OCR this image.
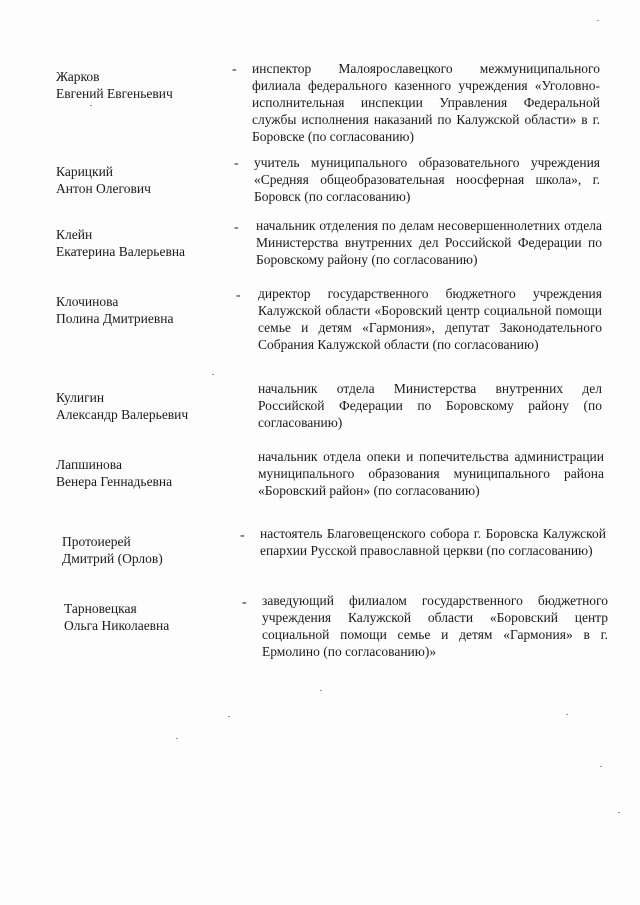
Жарков
Евгений Евгеньевич
- инспектор Малоярославецкого межмуниципального филиала федерального казенного учреждения «Уголовно-исполнительная инспекции Управления Федеральной службы исполнения наказаний по Калужской области» в г. Боровске (по согласованию)
Карицкий
Антон Олегович
- учитель муниципального образовательного учреждения «Средняя общеобразовательная ноосферная школа», г. Боровск (по согласованию)
Клейн
Екатерина Валерьевна
- начальник отделения по делам несовершеннолетних отдела Министерства внутренних дел Российской Федерации по Боровскому району (по согласованию)
Клочинова
Полина Дмитриевна
- директор государственного бюджетного учреждения Калужской области «Боровский центр социальной помощи семье и детям «Гармония», депутат Законодательного Собрания Калужской области (по согласованию)
Кулигин
Александр Валерьевич
начальник отдела Министерства внутренних дел Российской Федерации по Боровскому району (по согласованию)
Лапшинова
Венера Геннадьевна
начальник отдела опеки и попечительства администрации муниципального образования муниципального района «Боровский район» (по согласованию)
Протоиерей
Дмитрий (Орлов)
- настоятель Благовещенского собора г. Боровска Калужской епархии Русской православной церкви (по согласованию)
Тарновецкая
Ольга Николаевна
- заведующий филиалом государственного бюджетного учреждения Калужской области «Боровский центр социальной помощи семье и детям «Гармония» в г. Ермолино (по согласованию)»
